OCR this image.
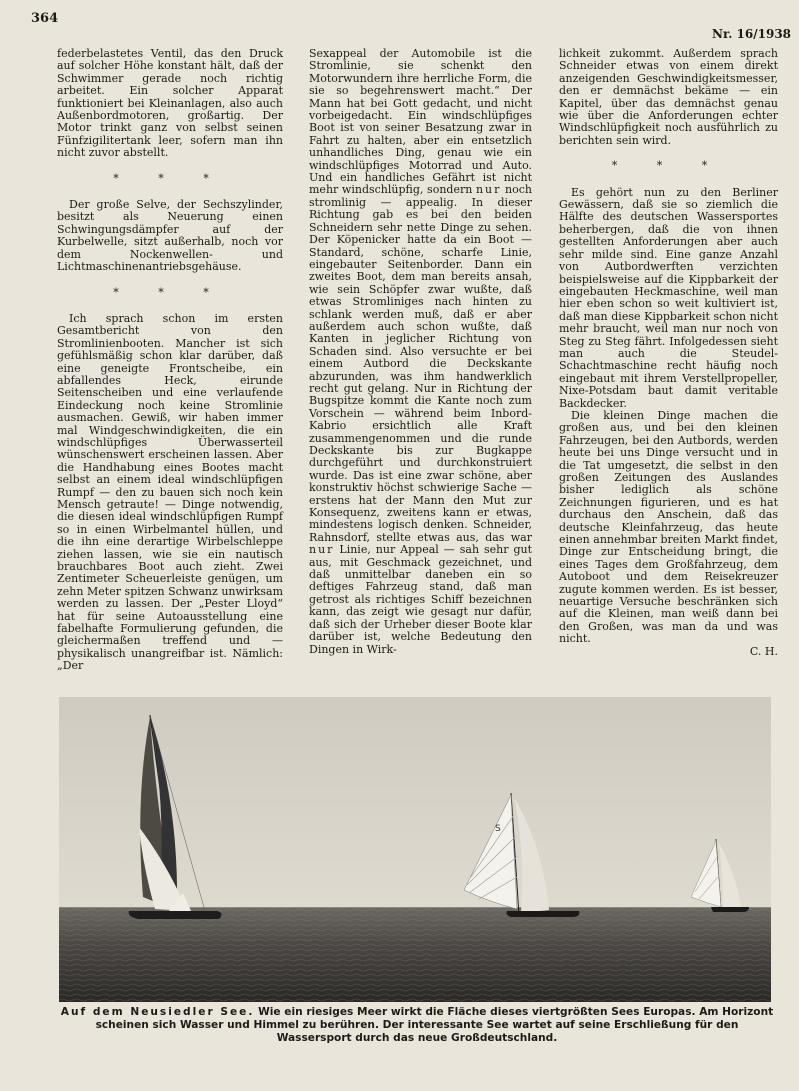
364
Nr. 16/1938

federbelastetes Ventil, das den Druck auf solcher Höhe konstant hält, daß der Schwimmer gerade noch richtig arbeitet. Ein solcher Apparat funktioniert bei Kleinanlagen, also auch Außenbordmotoren, großartig. Der Motor trinkt ganz von selbst seinen Fünfzigilitertank leer, sofern man ihn nicht zuvor abstellt.

* * *

Der große Selve, der Sechszylinder, besitzt als Neuerung einen Schwingungsdämpfer auf der Kurbelwelle, sitzt außerhalb, noch vor dem Nockenwellen- und Lichtmaschinenantriebsgehäuse.

* * *

Ich sprach schon im ersten Gesamtbericht von den Stromlinienbooten. Mancher ist sich gefühlsmäßig schon klar darüber, daß eine geneigte Frontscheibe, ein abfallendes Heck, eirunde Seitenscheiben und eine verlaufende Eindeckung noch keine Stromlinie ausmachen. Gewiß, wir haben immer mal Windgeschwindigkeiten, die ein windschlüpfiges Überwasserteil wünschenswert erscheinen lassen. Aber die Handhabung eines Bootes macht selbst an einem ideal windschlüpfigen Rumpf — den zu bauen sich noch kein Mensch getraute! — Dinge notwendig, die diesen ideal windschlüpfigen Rumpf so in einen Wirbelmantel hüllen, und die ihn eine derartige Wirbelschleppe ziehen lassen, wie sie ein nautisch brauchbares Boot auch zieht. Zwei Zentimeter Scheuerleiste genügen, um zehn Meter spitzen Schwanz unwirksam werden zu lassen. Der „Pester Lloyd“ hat für seine Autoausstellung eine fabelhafte Formulierung gefunden, die gleichermaßen treffend und — physikalisch unangreifbar ist. Nämlich: „Der

Sexappeal der Automobile ist die Stromlinie, sie schenkt den Motorwundern ihre herrliche Form, die sie so begehrenswert macht.“ Der Mann hat bei Gott gedacht, und nicht vorbeigedacht. Ein windschlüpfiges Boot ist von seiner Besatzung zwar in Fahrt zu halten, aber ein entsetzlich unhandliches Ding, genau wie ein windschlüpfiges Motorrad und Auto. Und ein handliches Gefährt ist nicht mehr windschlüpfig, sondern nur noch stromlinig — appealig. In dieser Richtung gab es bei den beiden Schneidern sehr nette Dinge zu sehen. Der Köpenicker hatte da ein Boot — Standard, schöne, scharfe Linie, eingebauter Seitenborder. Dann ein zweites Boot, dem man bereits ansah, wie sein Schöpfer zwar wußte, daß etwas Stromliniges nach hinten zu schlank werden muß, daß er aber außerdem auch schon wußte, daß Kanten in jeglicher Richtung von Schaden sind. Also versuchte er bei einem Autbord die Deckskante abzurunden, was ihm handwerklich recht gut gelang. Nur in Richtung der Bugspitze kommt die Kante noch zum Vorschein — während beim Inbord-Kabrio ersichtlich alle Kraft zusammengenommen und die runde Deckskante bis zur Bugkappe durchgeführt und durchkonstruiert wurde. Das ist eine zwar schöne, aber konstruktiv höchst schwierige Sache — erstens hat der Mann den Mut zur Konsequenz, zweitens kann er etwas, mindestens logisch denken. Schneider, Rahnsdorf, stellte etwas aus, das war nur Linie, nur Appeal — sah sehr gut aus, mit Geschmack gezeichnet, und daß unmittelbar daneben ein so deftiges Fahrzeug stand, daß man getrost als richtiges Schiff bezeichnen kann, das zeigt wie gesagt nur dafür, daß sich der Urheber dieser Boote klar darüber ist, welche Bedeutung den Dingen in Wirk-

lichkeit zukommt. Außerdem sprach Schneider etwas von einem direkt anzeigenden Geschwindigkeitsmesser, den er demnächst bekäme — ein Kapitel, über das demnächst genau wie über die Anforderungen echter Windschlüpfigkeit noch ausführlich zu berichten sein wird.

* * *

Es gehört nun zu den Berliner Gewässern, daß sie so ziemlich die Hälfte des deutschen Wassersportes beherbergen, daß die von ihnen gestellten Anforderungen aber auch sehr milde sind. Eine ganze Anzahl von Autbordwerften verzichten beispielsweise auf die Kippbarkeit der eingebauten Heckmaschine, weil man hier eben schon so weit kultiviert ist, daß man diese Kippbarkeit schon nicht mehr braucht, weil man nur noch von Steg zu Steg fährt. Infolgedessen sieht man auch die Steudel-Schachtmaschine recht häufig noch eingebaut mit ihrem Verstellpropeller, Nixe-Potsdam baut damit veritable Backdecker.

Die kleinen Dinge machen die großen aus, und bei den kleinen Fahrzeugen, bei den Autbords, werden heute bei uns Dinge versucht und in die Tat umgesetzt, die selbst in den großen Zeitungen des Auslandes bisher lediglich als schöne Zeichnungen figurieren, und es hat durchaus den Anschein, daß das deutsche Kleinfahrzeug, das heute einen annehmbar breiten Markt findet, Dinge zur Entscheidung bringt, die eines Tages dem Großfahrzeug, dem Autoboot und dem Reisekreuzer zugute kommen werden. Es ist besser, neuartige Versuche beschränken sich auf die Kleinen, man weiß dann bei den Großen, was man da und was nicht.

C. H.
S
Auf dem Neusiedler See. Wie ein riesiges Meer wirkt die Fläche dieses viertgrößten Sees Europas. Am Horizont scheinen sich Wasser und Himmel zu berühren. Der interessante See wartet auf seine Erschließung für den Wassersport durch das neue Großdeutschland.
